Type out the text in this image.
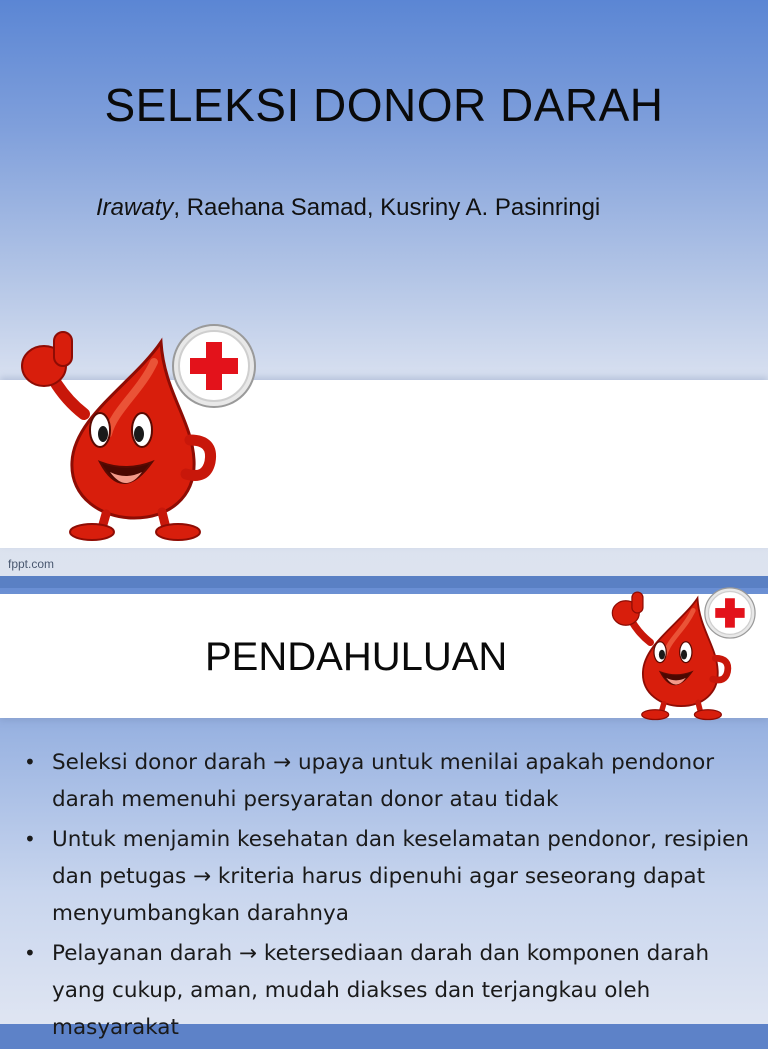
SELEKSI DONOR DARAH
Irawaty, Raehana Samad, Kusriny A. Pasinringi
fppt.com
PENDAHULUAN
• Seleksi donor darah → upaya untuk menilai apakah pendonor darah memenuhi persyaratan donor atau tidak
• Untuk menjamin kesehatan dan keselamatan pendonor, resipien dan petugas → kriteria harus dipenuhi agar seseorang dapat menyumbangkan darahnya
• Pelayanan darah → ketersediaan darah dan komponen darah yang cukup, aman, mudah diakses dan terjangkau oleh masyarakat
